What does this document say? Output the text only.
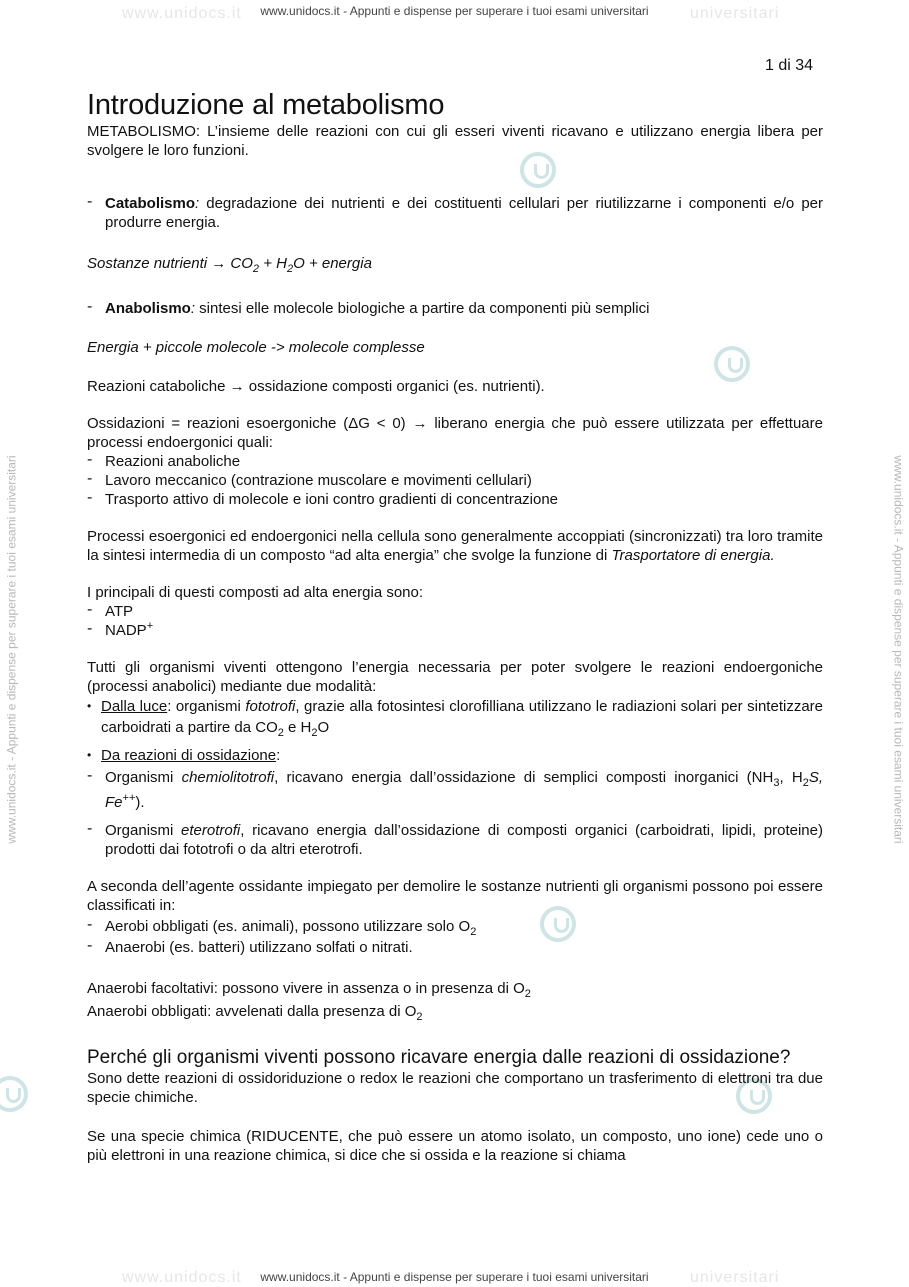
www.unidocs.it	universitari
www.unidocs.it - Appunti e dispense per superare i tuoi esami universitari
www.unidocs.it	universitari
www.unidocs.it - Appunti e dispense per superare i tuoi esami universitari
www.unidocs.it - Appunti e dispense per superare i tuoi esami universitari	www.unidocs.it - Appunti e dispense per superare i tuoi esami universitari
1 di 34
Introduzione al metabolismo

METABOLISMO: L’insieme delle reazioni con cui gli esseri viventi ricavano e utilizzano energia libera per svolgere le loro funzioni.

- Catabolismo: degradazione dei nutrienti e dei costituenti cellulari per riutilizzarne i componenti e/o per produrre energia.
Sostanze nutrienti → $CO_2 + H_2O$ + energia
- Anabolismo: sintesi elle molecole biologiche a partire da componenti più semplici
Energia + piccole molecole -> molecole complesse

Reazioni cataboliche → ossidazione composti organici (es. nutrienti).

Ossidazioni = reazioni esoergoniche (ΔG < 0) → liberano energia che può essere utilizzata per effettuare processi endoergonici quali:

- Reazioni anaboliche
- Lavoro meccanico (contrazione muscolare e movimenti cellulari)
- Trasporto attivo di molecole e ioni contro gradienti di concentrazione

Processi esoergonici ed endoergonici nella cellula sono generalmente accoppiati (sincronizzati) tra loro tramite la sintesi intermedia di un composto “ad alta energia” che svolge la funzione di Trasportatore di energia.

I principali di questi composti ad alta energia sono:

- ATP
- NADP+

Tutti gli organismi viventi ottengono l’energia necessaria per poter svolgere le reazioni endoergoniche (processi anabolici) mediante due modalità:

• Dalla luce: organismi fototrofi, grazie alla fotosintesi clorofilliana utilizzano le radiazioni solari per sintetizzare carboidrati a partire da $CO_2$ e $H_2O$
• Da reazioni di ossidazione:
- Organismi chemiolitotrofi, ricavano energia dall’ossidazione di semplici composti inorganici ($NH_3$, $H_2S$, Fe++).
- Organismi eterotrofi, ricavano energia dall’ossidazione di composti organici (carboidrati, lipidi, proteine) prodotti dai fototrofi o da altri eterotrofi.

A seconda dell’agente ossidante impiegato per demolire le sostanze nutrienti gli organismi possono poi essere classificati in:

- Aerobi obbligati (es. animali), possono utilizzare solo $O_2$
- Anaerobi (es. batteri) utilizzano solfati o nitrati.
Anaerobi facoltativi: possono vivere in assenza o in presenza di $O_2$
Anaerobi obbligati: avvelenati dalla presenza di $O_2$
Perché gli organismi viventi possono ricavare energia dalle reazioni di ossidazione?

Sono dette reazioni di ossidoriduzione o redox le reazioni che comportano un trasferimento di elettroni tra due specie chimiche.

Se una specie chimica (RIDUCENTE, che può essere un atomo isolato, un composto, uno ione) cede uno o più elettroni in una reazione chimica, si dice che si ossida e la reazione si chiama
